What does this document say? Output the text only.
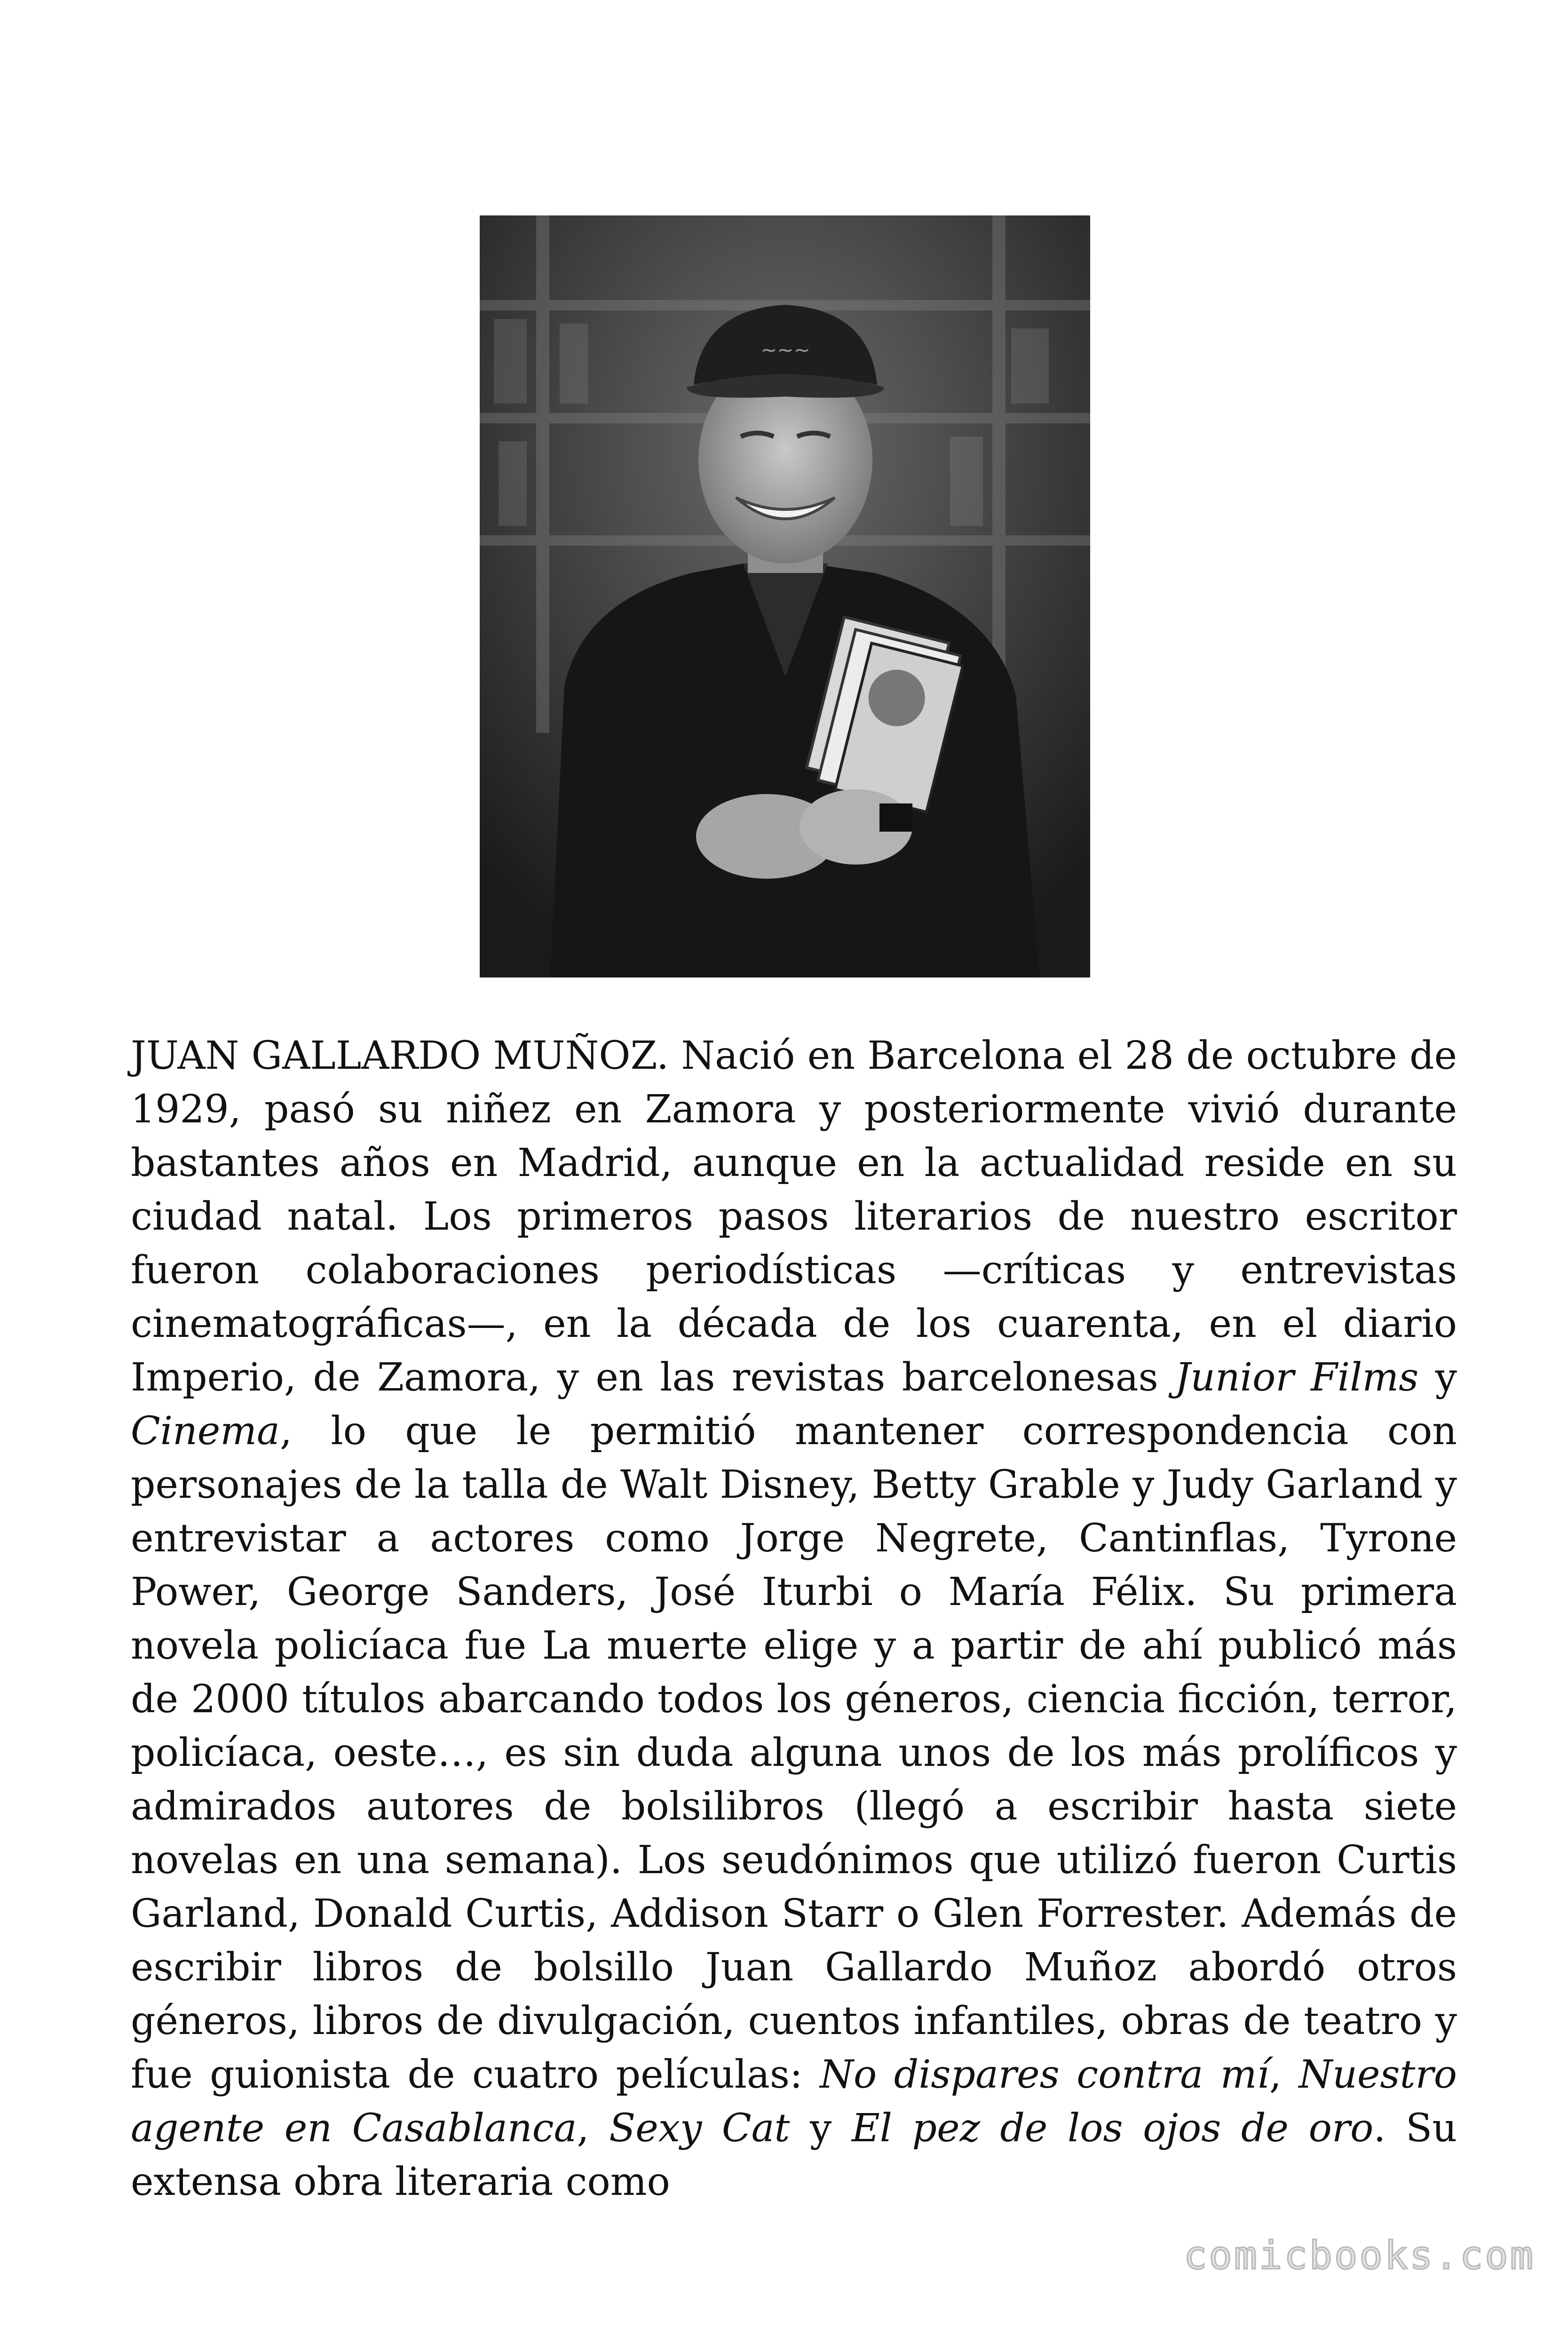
~~~

JUAN GALLARDO MUÑOZ. Nació en Barcelona el 28 de octubre de 1929, pasó su niñez en Zamora y posteriormente vivió durante bastantes años en Madrid, aunque en la actualidad reside en su ciudad natal. Los primeros pasos literarios de nuestro escritor fueron colaboraciones periodísticas —críticas y entrevistas cinematográficas—, en la década de los cuarenta, en el diario Imperio, de Zamora, y en las revistas barcelonesas Junior Films y Cinema, lo que le permitió mantener correspondencia con personajes de la talla de Walt Disney, Betty Grable y Judy Garland y entrevistar a actores como Jorge Negrete, Cantinflas, Tyrone Power, George Sanders, José Iturbi o María Félix. Su primera novela policíaca fue La muerte elige y a partir de ahí publicó más de 2000 títulos abarcando todos los géneros, ciencia ficción, terror, policíaca, oeste…, es sin duda alguna unos de los más prolíficos y admirados autores de bolsilibros (llegó a escribir hasta siete novelas en una semana). Los seudónimos que utilizó fueron Curtis Garland, Donald Curtis, Addison Starr o Glen Forrester. Además de escribir libros de bolsillo Juan Gallardo Muñoz abordó otros géneros, libros de divulgación, cuentos infantiles, obras de teatro y fue guionista de cuatro películas: No dispares contra mí, Nuestro agente en Casablanca, Sexy Cat y El pez de los ojos de oro. Su extensa obra literaria como

comicbooks.com
